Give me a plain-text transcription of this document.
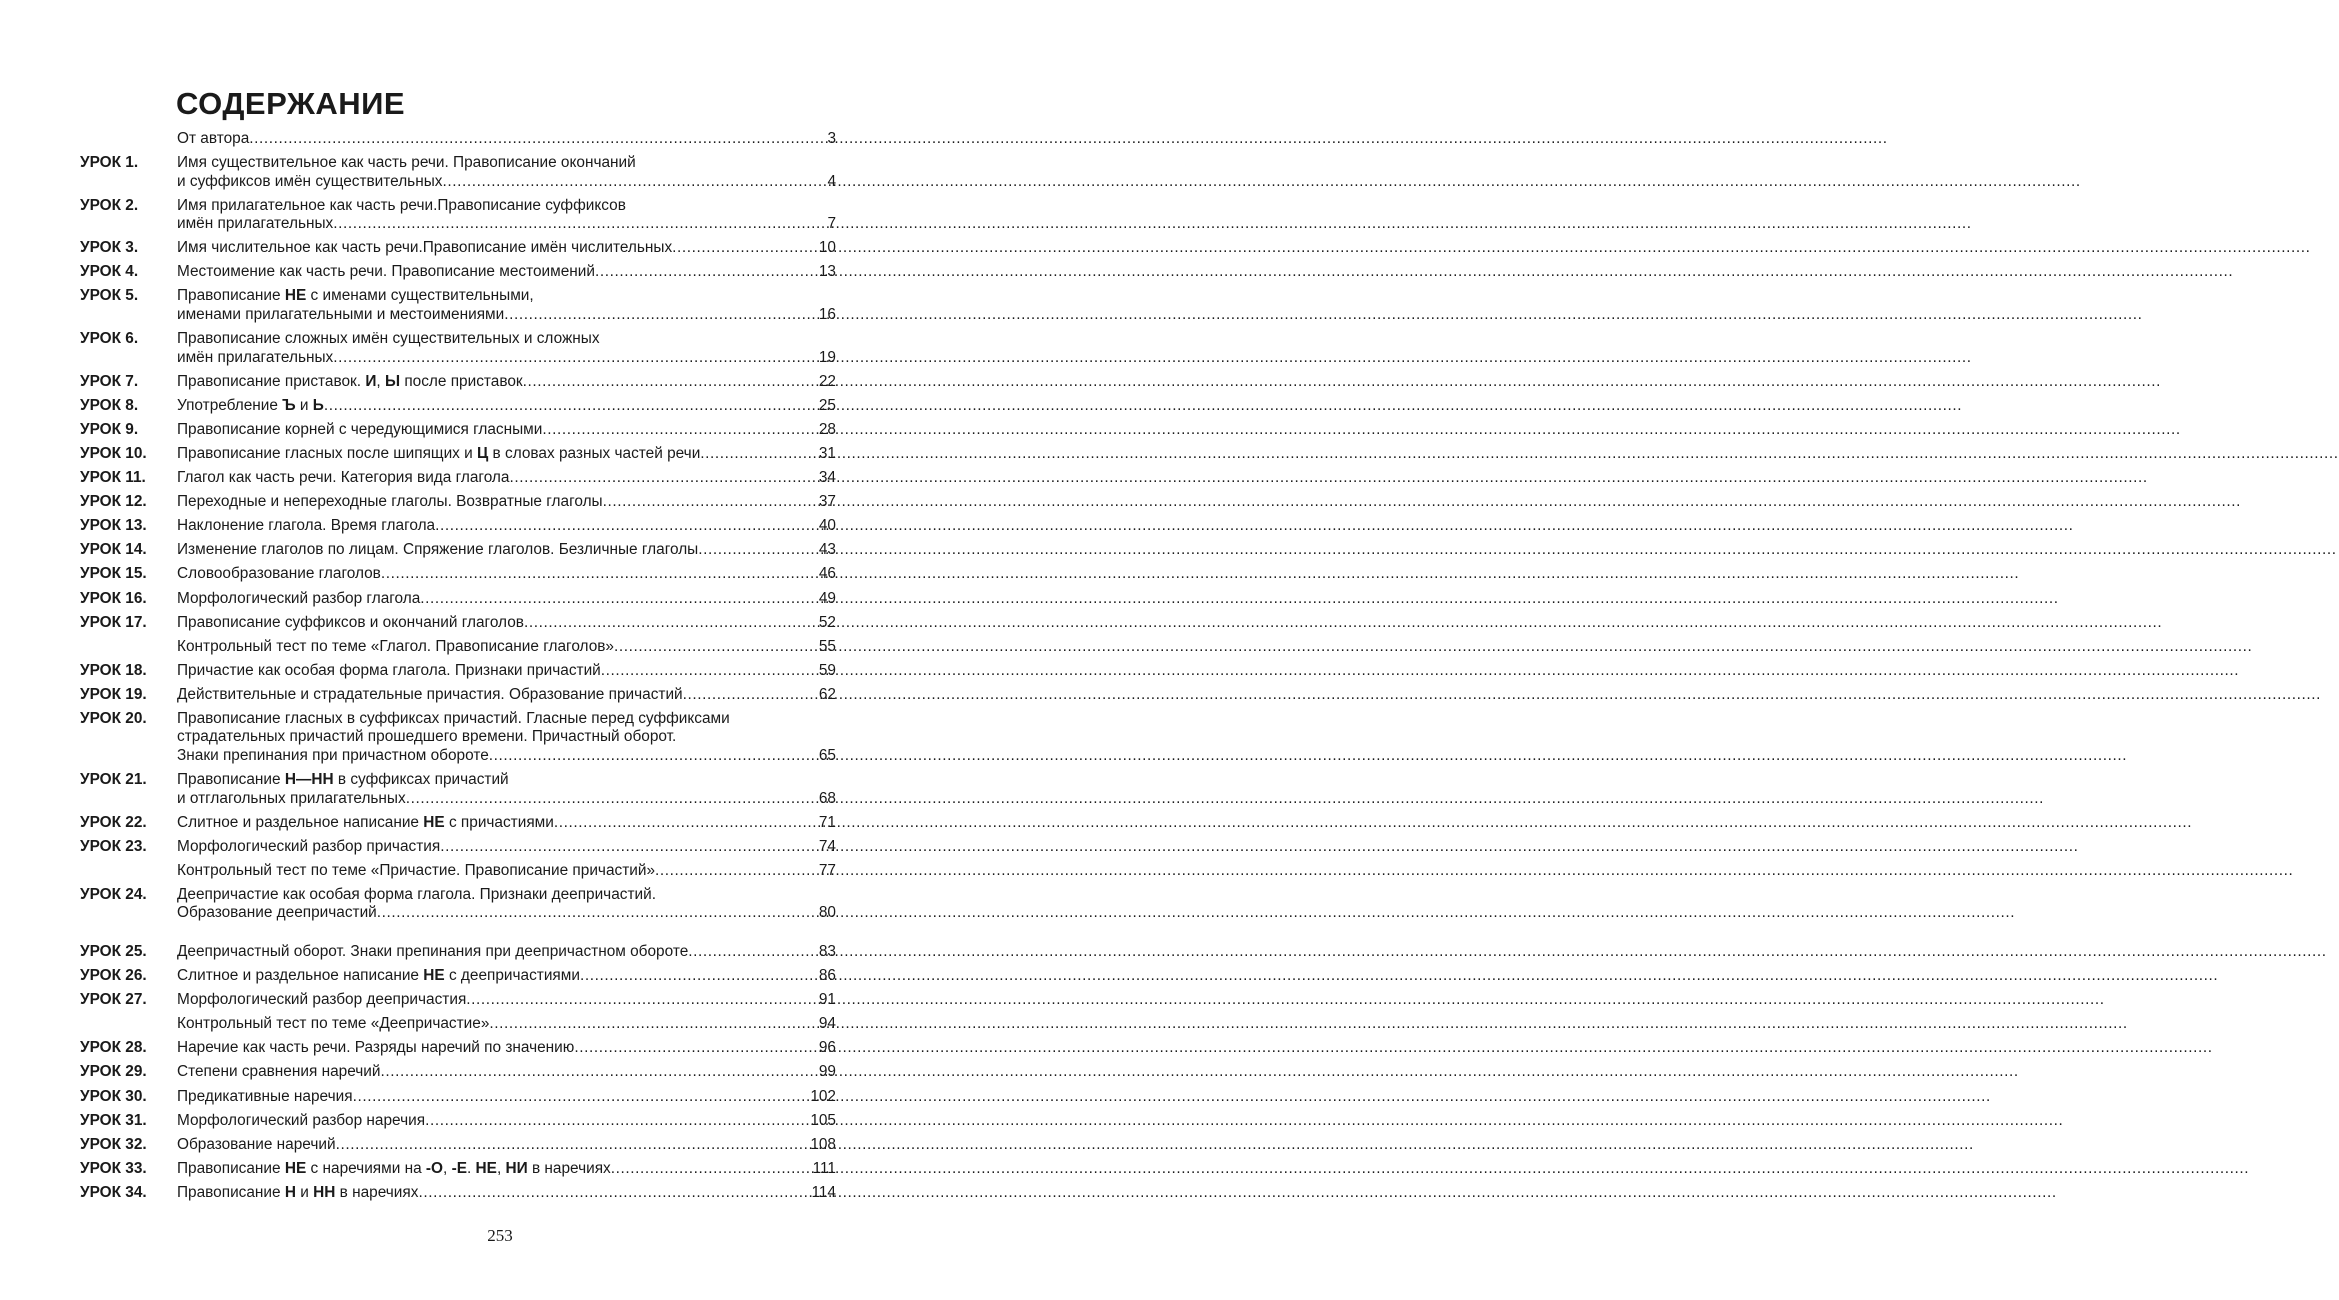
СОДЕРЖАНИЕ
От автора .....	3
УРОК 1.	Имя существительное как часть речи. Правописание окончаний
и суффиксов имён существительных .....	4
УРОК 2.	Имя прилагательное как часть речи.Правописание суффиксов
имён прилагательных .....	7
УРОК 3.	Имя числительное как часть речи.Правописание имён числительных .....	10
УРОК 4.	Местоимение как часть речи. Правописание местоимений .....	13
УРОК 5.	Правописание НЕ с именами существительными,
именами прилагательными и местоимениями .....	16
УРОК 6.	Правописание сложных имён существительных и сложных
имён прилагательных .....	19
УРОК 7.	Правописание приставок. И, Ы после приставок .....	22
УРОК 8.	Употребление Ъ и Ь .....	25
УРОК 9.	Правописание корней с чередующимися гласными .....	28
УРОК 10.	Правописание гласных после шипящих и Ц в словах разных частей речи .....	31
УРОК 11.	Глагол как часть речи. Категория вида глагола .....	34
УРОК 12.	Переходные и непереходные глаголы. Возвратные глаголы .....	37
УРОК 13.	Наклонение глагола. Время глагола .....	40
УРОК 14.	Изменение глаголов по лицам. Спряжение глаголов. Безличные глаголы .....	43
УРОК 15.	Словообразование глаголов .....	46
УРОК 16.	Морфологический разбор глагола .....	49
УРОК 17.	Правописание суффиксов и окончаний глаголов .....	52
Контрольный тест по теме «Глагол. Правописание глаголов» .....	55
УРОК 18.	Причастие как особая форма глагола. Признаки причастий .....	59
УРОК 19.	Действительные и страдательные причастия. Образование причастий .....	62
УРОК 20.	Правописание гласных в суффиксах причастий. Гласные перед суффиксами
страдательных причастий прошедшего времени. Причастный оборот.
Знаки препинания при причастном обороте .....	65
УРОК 21.	Правописание Н—НН в суффиксах причастий
и отглагольных прилагательных .....	68
УРОК 22.	Слитное и раздельное написание НЕ с причастиями .....	71
УРОК 23.	Морфологический разбор причастия .....	74
Контрольный тест по теме «Причастие. Правописание причастий» .....	77
УРОК 24.	Деепричастие как особая форма глагола. Признаки деепричастий.
Образование деепричастий .....	80
УРОК 25.	Деепричастный оборот. Знаки препинания при деепричастном обороте .....	83
УРОК 26.	Слитное и раздельное написание НЕ с деепричастиями .....	86
УРОК 27.	Морфологический разбор деепричастия .....	91
Контрольный тест по теме «Деепричастие» .....	94
УРОК 28.	Наречие как часть речи. Разряды наречий по значению .....	96
УРОК 29.	Степени сравнения наречий .....	99
УРОК 30.	Предикативные наречия .....	102
УРОК 31.	Морфологический разбор наречия .....	105
УРОК 32.	Образование наречий .....	108
УРОК 33.	Правописание НЕ с наречиями на -О, -Е. НЕ, НИ в наречиях .....	111
УРОК 34.	Правописание Н и НН в наречиях .....	114
253
